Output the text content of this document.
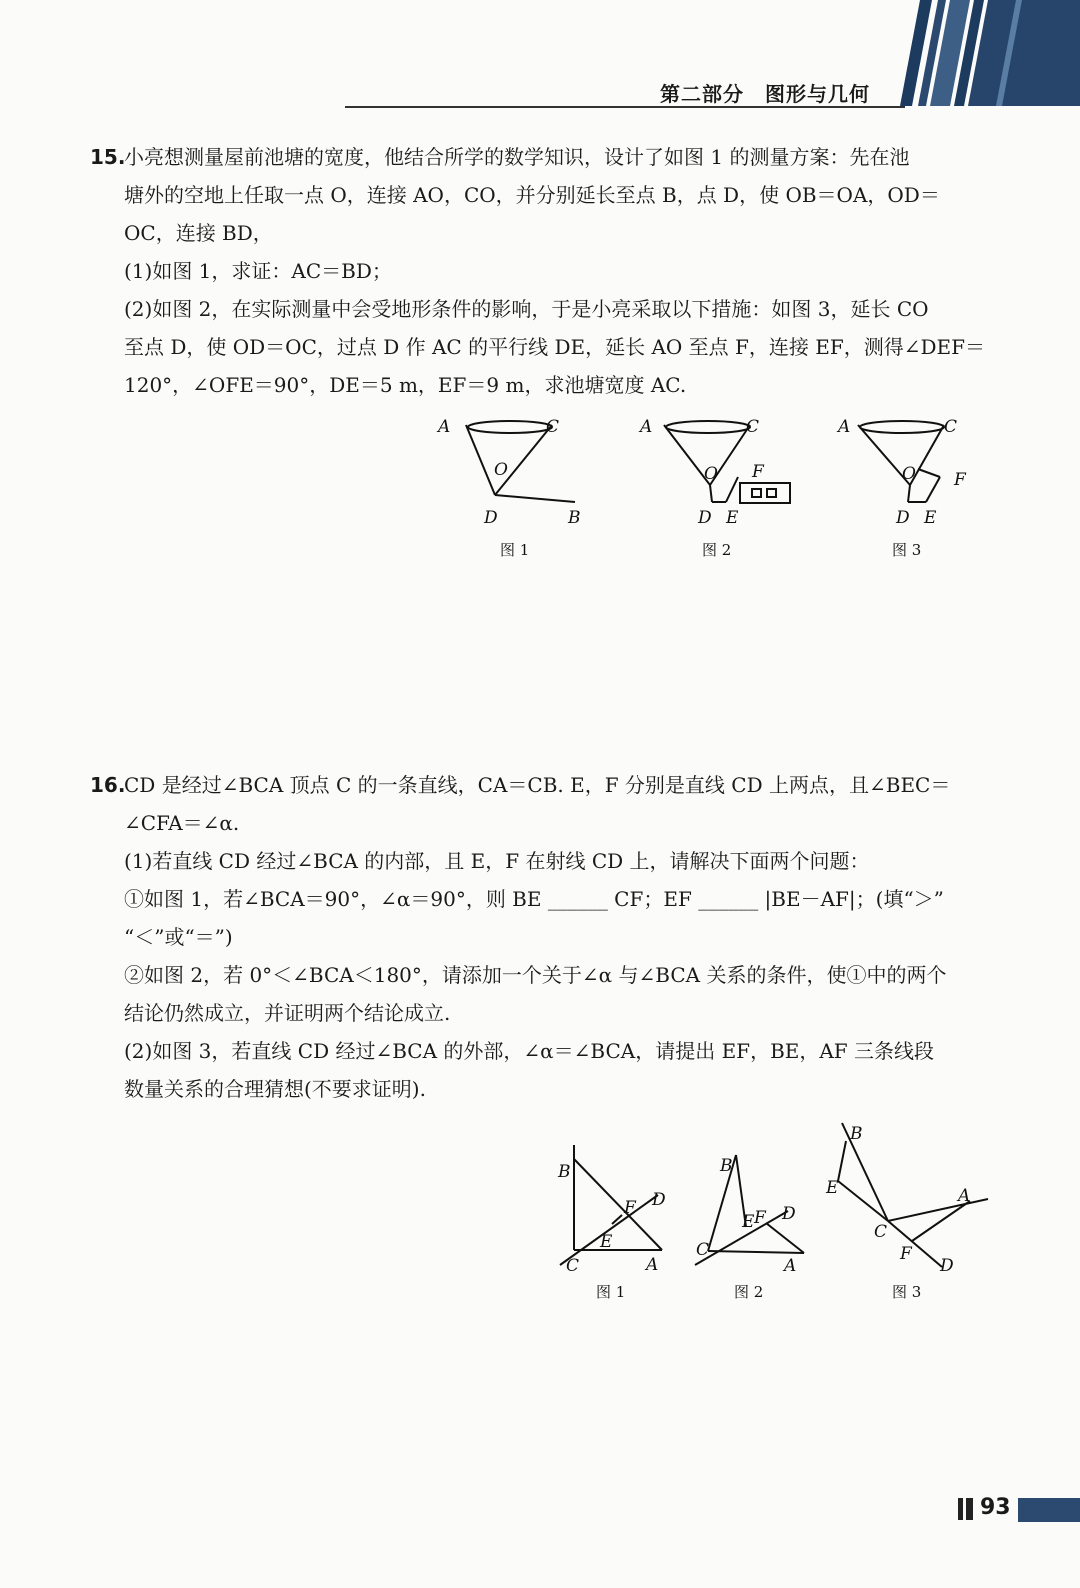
第二部分　图形与几何
15.
小亮想测量屋前池塘的宽度，他结合所学的数学知识，设计了如图 1 的测量方案：先在池
塘外的空地上任取一点 O，连接 AO，CO，并分别延长至点 B，点 D，使 OB＝OA，OD＝
OC，连接 BD，
(1)如图 1，求证：AC＝BD；
(2)如图 2，在实际测量中会受地形条件的影响，于是小亮采取以下措施：如图 3，延长 CO
至点 D，使 OD＝OC，过点 D 作 AC 的平行线 DE，延长 AO 至点 F，连接 EF，测得∠DEF＝
120°，∠OFE＝90°，DE＝5 m，EF＝9 m，求池塘宽度 AC.
A	C
O
D	B
图 1
A	C
O F
D E
图 2
A	C
O F
D E
图 3
16.
CD 是经过∠BCA 顶点 C 的一条直线，CA＝CB. E，F 分别是直线 CD 上两点，且∠BEC＝
∠CFA＝∠α.
(1)若直线 CD 经过∠BCA 的内部，且 E，F 在射线 CD 上，请解决下面两个问题：
①如图 1，若∠BCA＝90°，∠α＝90°，则 BE ______ CF；EF ______ |BE－AF|；(填“＞”
“＜”或“＝”)
②如图 2，若 0°＜∠BCA＜180°，请添加一个关于∠α 与∠BCA 关系的条件，使①中的两个
结论仍然成立，并证明两个结论成立.
(2)如图 3，若直线 CD 经过∠BCA 的外部，∠α＝∠BCA，请提出 EF，BE，AF 三条线段
数量关系的合理猜想(不要求证明).
B
F D
E
C	A
图 1
B
E F D
C
A
图 2
B
E	A
C
F
D
图 3
93
